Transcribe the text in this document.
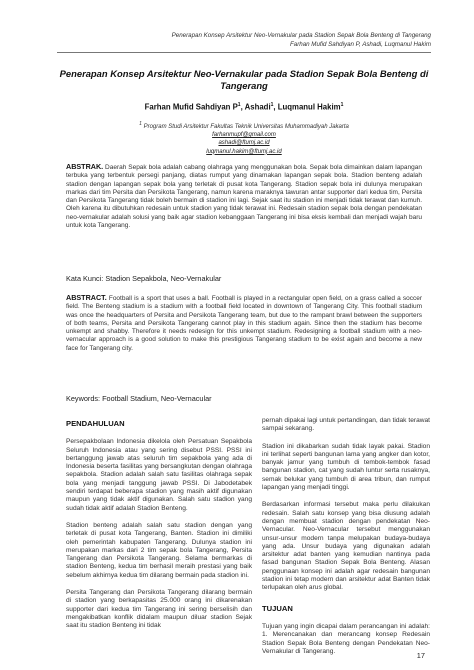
Penerapan Konsep Arsitektur Neo-Vernakular pada Stadion Sepak Bola Benteng di Tangerang
Farhan Mufid Sahdiyan P, Ashadi, Luqmanul Hakim
Penerapan Konsep Arsitektur Neo-Vernakular pada Stadion Sepak Bola Benteng di Tangerang
Farhan Mufid Sahdiyan $P^1$, Ashadi$^1$, Luqmanul Hakim$^1$
$^1$ Program Studi Arsitektur Fakultas Teknik Universitas Muhammadiyah Jakarta
farhanmupf@gmail.com
ashadi@ftumj.ac.id
luqmanul.hakim@ftumj.ac.id
ABSTRAK. Daerah Sepak bola adalah cabang olahraga yang menggunakan bola. Sepak bola dimainkan dalam lapangan terbuka yang terbentuk persegi panjang, diatas rumput yang dinamakan lapangan sepak bola. Stadion benteng adalah stadion dengan lapangan sepak bola yang terletak di pusat kota Tangerang. Stadion sepak bola ini dulunya merupakan markas dari tim Persita dan Persikota Tangerang, namun karena maraknya tawuran antar supporter dari kedua tim, Persita dan Persikota Tangerang tidak boleh bermain di stadion ini lagi. Sejak saat itu stadion ini menjadi tidak terawat dan kumuh. Oleh karena itu dibutuhkan redesain untuk stadion yang tidak terawat ini. Redesain stadion sepak bola dengan pendekatan neo-vernakular adalah solusi yang baik agar stadion kebanggaan Tangerang ini bisa eksis kembali dan menjadi wajah baru untuk kota Tangerang.
Kata Kunci: Stadion Sepakbola, Neo-Vernakular
ABSTRACT. Football is a sport that uses a ball. Football is played in a rectangular open field, on a grass called a soccer field. The Benteng stadium is a stadium with a football field located in downtown of Tangerang City. This football stadium was once the headquarters of Persita and Persikota Tangerang team, but due to the rampant brawl between the supporters of both teams, Persita and Persikota Tangerang cannot play in this stadium again. Since then the stadium has become unkempt and shabby. Therefore it needs redesign for this unkempt stadium. Redesigning a football stadium with a neo-vernacular approach is a good solution to make this prestigious Tangerang stadium to be exist again and become a new face for Tangerang city.
Keywords: Football Stadium, Neo-Vernacular
PENDAHULUAN

Persepakbolaan Indonesia dikelola oleh Persatuan Sepakbola Seluruh Indonesia atau yang sering disebut PSSI. PSSI ini bertanggung jawab atas seluruh tim sepakbola yang ada di Indonesia beserta fasilitas yang bersangkutan dengan olahraga sepakbola. Stadion adalah salah satu fasilitas olahraga sepak bola yang menjadi tanggung jawab PSSI. Di Jabodetabek sendiri terdapat beberapa stadion yang masih aktif digunakan maupun yang tidak aktif digunakan. Salah satu stadion yang sudah tidak aktif adalah Stadion Benteng.

Stadion benteng adalah salah satu stadion dengan yang terletak di pusat kota Tangerang, Banten. Stadion ini dimiliki oleh pemerintah kabupaten Tangerang. Dulunya stadion ini merupakan markas dari 2 tim sepak bola Tangerang, Persita Tangerang dan Persikota Tangerang. Selama bermarkas di stadion Benteng, kedua tim berhasil meraih prestasi yang baik sebelum akhirnya kedua tim dilarang bermain pada stadion ini.

Persita Tangerang dan Persikota Tangerang dilarang bermain di stadion yang berkapasitas 25.000 orang ini dikarenakan supporter dari kedua tim Tangerang ini sering berselisih dan mengakibatkan konflik didalam maupun diluar stadion Sejak saat itu stadion Benteng ini tidak

pernah dipakai lagi untuk pertandingan, dan tidak terawat sampai sekarang.

Stadion ini dikabarkan sudah tidak layak pakai. Stadion ini terlihat seperti bangunan lama yang angker dan kotor, banyak jamur yang tumbuh di tembok-tembok fasad bangunan stadion, cat yang sudah luntur serta rusaknya, semak belukar yang tumbuh di area tribun, dan rumput lapangan yang menjadi tinggi.

Berdasarkan informasi tersebut maka perlu dilakukan redesain. Salah satu konsep yang bisa diusung adalah dengan membuat stadion dengan pendekatan Neo-Vernacular. Neo-Vernacular tersebut menggunakan unsur-unsur modern tanpa melupakan budaya-budaya yang ada. Unsur budaya yang digunakan adalah arsitektur adat banten yang kemudian nantinya pada fasad bangunan Stadion Sepak Bola Benteng. Alasan penggunaan konsep ini adalah agar redesain bangunan stadion ini tetap modern dan arsitektur adat Banten tidak terlupakan oleh arus global.

TUJUAN

Tujuan yang ingin dicapai dalam perancangan ini adalah: 1. Merencanakan dan merancang konsep Redesain Stadion Sepak Bola Benteng dengan Pendekatan Neo-Vernakular di Tangerang.	17
